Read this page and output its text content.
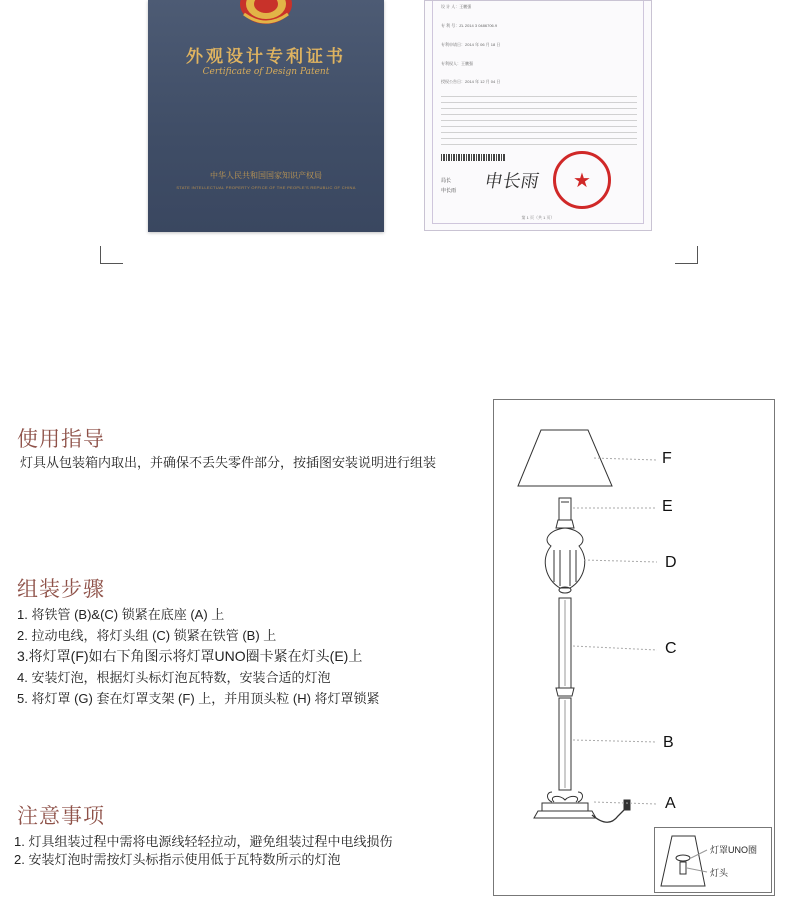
外观设计专利证书
Certificate of Design Patent
中华人民共和国国家知识产权局
STATE INTELLECTUAL PROPERTY OFFICE OF THE PEOPLE'S REPUBLIC OF CHINA
设 计 人：王鹏强
专 利 号：ZL 2014 3 0486706.9
专利申请日：2014 年 06 月 18 日
专利权人：王鹏强
授权公告日：2014 年 12 月 04 日
局长
申长雨 申长雨	★
第 1 页（共 1 页）
使用指导

灯具从包装箱内取出，并确保不丢失零件部分，按插图安装说明进行组装

组装步骤
1. 将铁管 (B)&(C) 锁紧在底座 (A) 上
2. 拉动电线，将灯头组 (C) 锁紧在铁管 (B) 上
3.将灯罩(F)如右下角图示将灯罩UNO圈卡紧在灯头(E)上
4. 安装灯泡，根据灯头标灯泡瓦特数，安装合适的灯泡
5. 将灯罩 (G) 套在灯罩支架 (F) 上，并用顶头粒 (H) 将灯罩锁紧
注意事项
1. 灯具组装过程中需将电源线轻轻拉动，避免组装过程中电线损伤
2. 安装灯泡时需按灯头标指示使用低于瓦特数所示的灯泡
F
E
D
C
B
A
灯罩UNO圈
灯头
